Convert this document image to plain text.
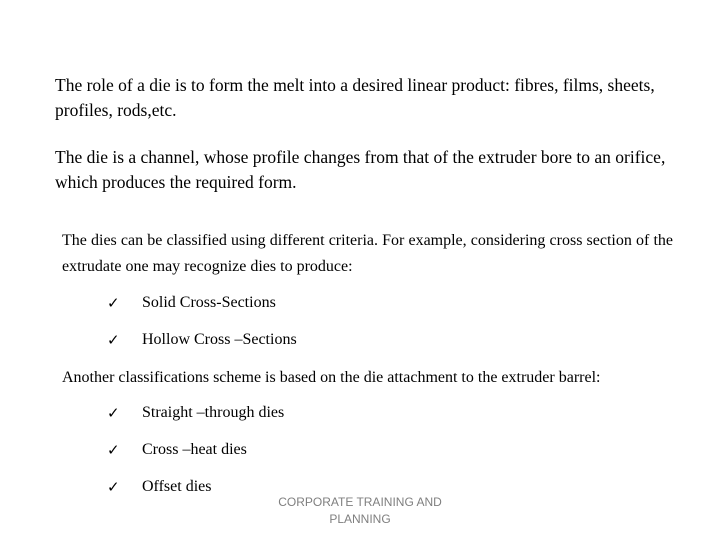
The role of a die is to form the melt into a desired linear product: fibres, films, sheets, profiles, rods,etc.

The die is a channel, whose profile changes from that of the extruder bore to an orifice, which produces the required form.

The dies can be classified using different criteria. For example, considering cross section of the extrudate one may recognize dies to produce:

✓ Solid Cross-Sections
✓ Hollow Cross –Sections

Another classifications scheme is based on the die attachment to the extruder barrel:

✓ Straight –through dies
✓ Cross –heat dies
✓ Offset dies
CORPORATE TRAINING AND
PLANNING
